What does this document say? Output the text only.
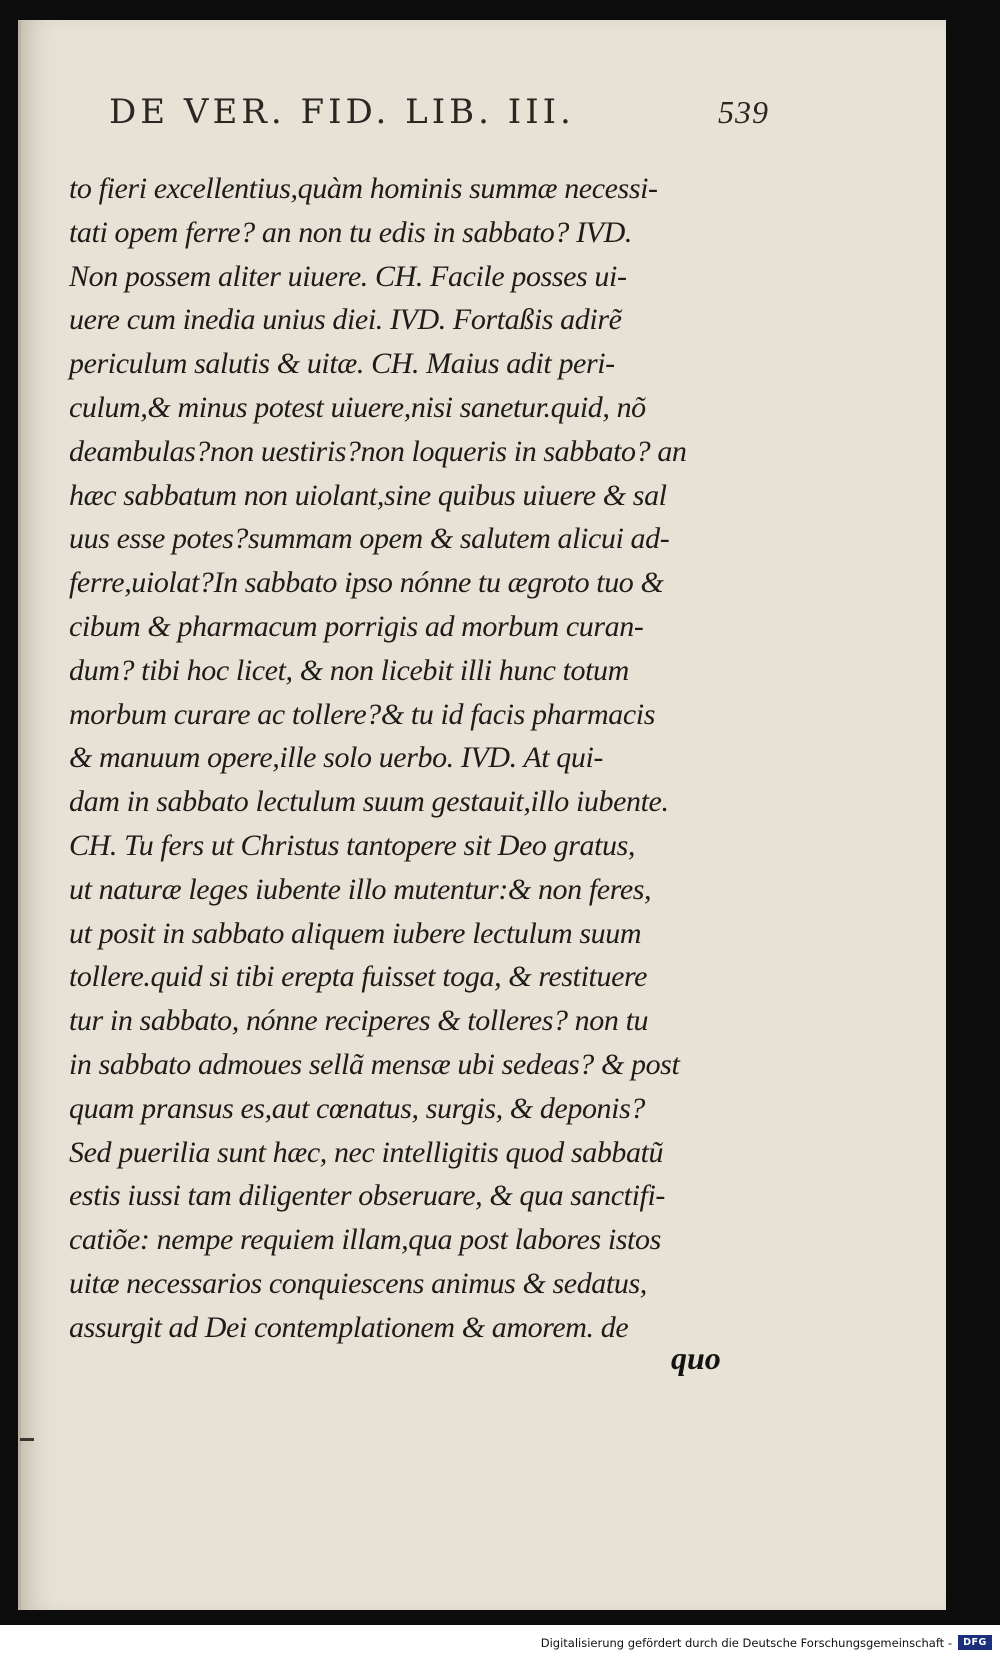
DE VER. FID. LIB. III.	539
to fieri excellentius,quàm hominis summæ necessi-
tati opem ferre? an non tu edis in sabbato? IVD.
Non possem aliter uiuere. CH. Facile posses ui-
uere cum inedia unius diei. IVD. Fortaßis adirẽ
periculum salutis & uitæ. CH. Maius adit peri-
culum,& minus potest uiuere,nisi sanetur.quid, nõ
deambulas?non uestiris?non loqueris in sabbato? an
hæc sabbatum non uiolant,sine quibus uiuere & sal
uus esse potes?summam opem & salutem alicui ad-
ferre,uiolat?In sabbato ipso nónne tu ægroto tuo &
cibum & pharmacum porrigis ad morbum curan-
dum? tibi hoc licet, & non licebit illi hunc totum
morbum curare ac tollere?& tu id facis pharmacis
& manuum opere,ille solo uerbo. IVD. At qui-
dam in sabbato lectulum suum gestauit,illo iubente.
CH. Tu fers ut Christus tantopere sit Deo gratus,
ut naturæ leges iubente illo mutentur:& non feres,
ut posit in sabbato aliquem iubere lectulum suum
tollere.quid si tibi erepta fuisset toga, & restituere
tur in sabbato, nónne reciperes & tolleres? non tu
in sabbato admoues sellã mensæ ubi sedeas? & post
quam pransus es,aut cœnatus, surgis, & deponis?
Sed puerilia sunt hæc, nec intelligitis quod sabbatũ
estis iussi tam diligenter obseruare, & qua sanctifi-
catiõe: nempe requiem illam,qua post labores istos
uitæ necessarios conquiescens animus & sedatus,
assurgit ad Dei contemplationem & amorem. de
quo
Digitalisierung gefördert durch die Deutsche Forschungsgemeinschaft -	DFG
